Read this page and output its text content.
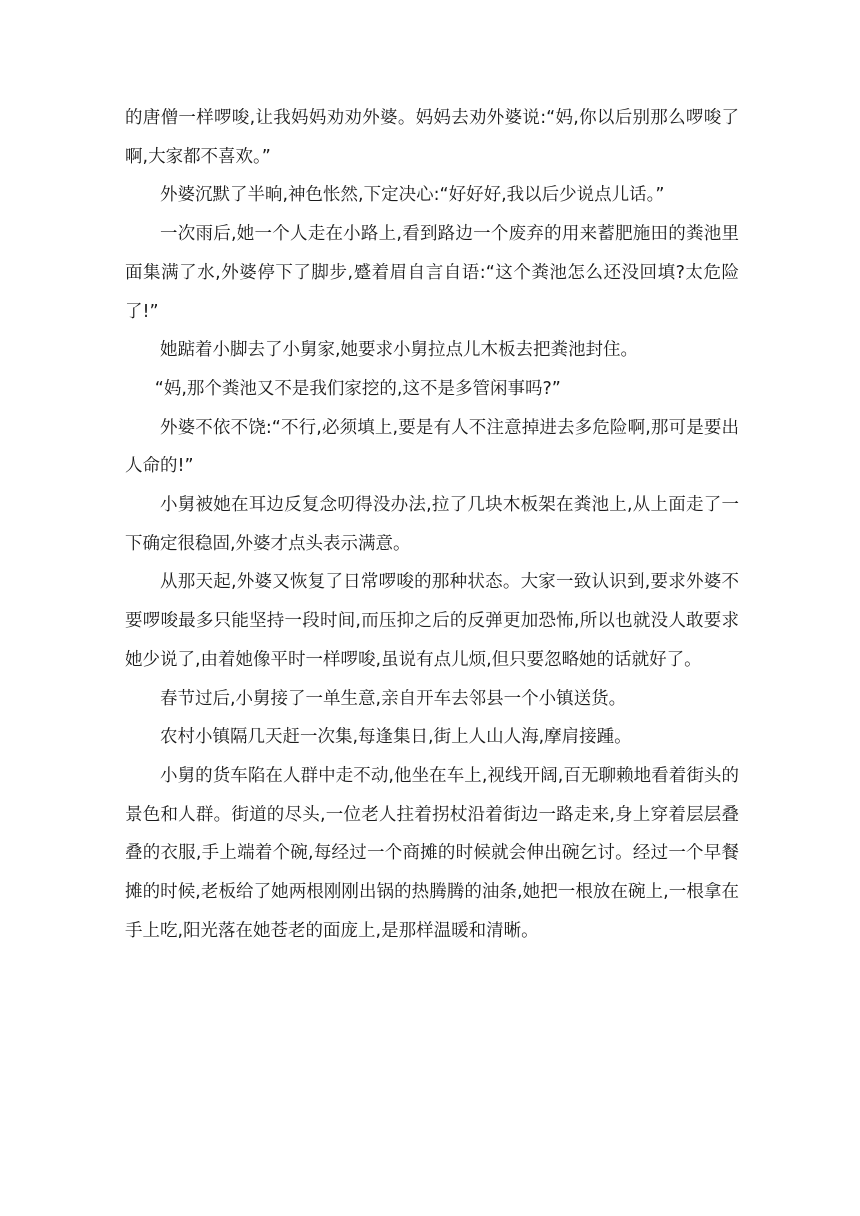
的唐僧一样啰唆,让我妈妈劝劝外婆。妈妈去劝外婆说:“妈,你以后别那么啰唆了啊,大家都不喜欢。”

外婆沉默了半晌,神色怅然,下定决心:“好好好,我以后少说点儿话。”

一次雨后,她一个人走在小路上,看到路边一个废弃的用来蓄肥施田的粪池里面集满了水,外婆停下了脚步,蹙着眉自言自语:“这个粪池怎么还没回填?太危险了!”

她踮着小脚去了小舅家,她要求小舅拉点儿木板去把粪池封住。

“妈,那个粪池又不是我们家挖的,这不是多管闲事吗?”

外婆不依不饶:“不行,必须填上,要是有人不注意掉进去多危险啊,那可是要出人命的!”

小舅被她在耳边反复念叨得没办法,拉了几块木板架在粪池上,从上面走了一下确定很稳固,外婆才点头表示满意。

从那天起,外婆又恢复了日常啰唆的那种状态。大家一致认识到,要求外婆不要啰唆最多只能坚持一段时间,而压抑之后的反弹更加恐怖,所以也就没人敢要求她少说了,由着她像平时一样啰唆,虽说有点儿烦,但只要忽略她的话就好了。

春节过后,小舅接了一单生意,亲自开车去邻县一个小镇送货。

农村小镇隔几天赶一次集,每逢集日,街上人山人海,摩肩接踵。

小舅的货车陷在人群中走不动,他坐在车上,视线开阔,百无聊赖地看着街头的景色和人群。街道的尽头,一位老人拄着拐杖沿着街边一路走来,身上穿着层层叠叠的衣服,手上端着个碗,每经过一个商摊的时候就会伸出碗乞讨。经过一个早餐摊的时候,老板给了她两根刚刚出锅的热腾腾的油条,她把一根放在碗上,一根拿在手上吃,阳光落在她苍老的面庞上,是那样温暖和清晰。
